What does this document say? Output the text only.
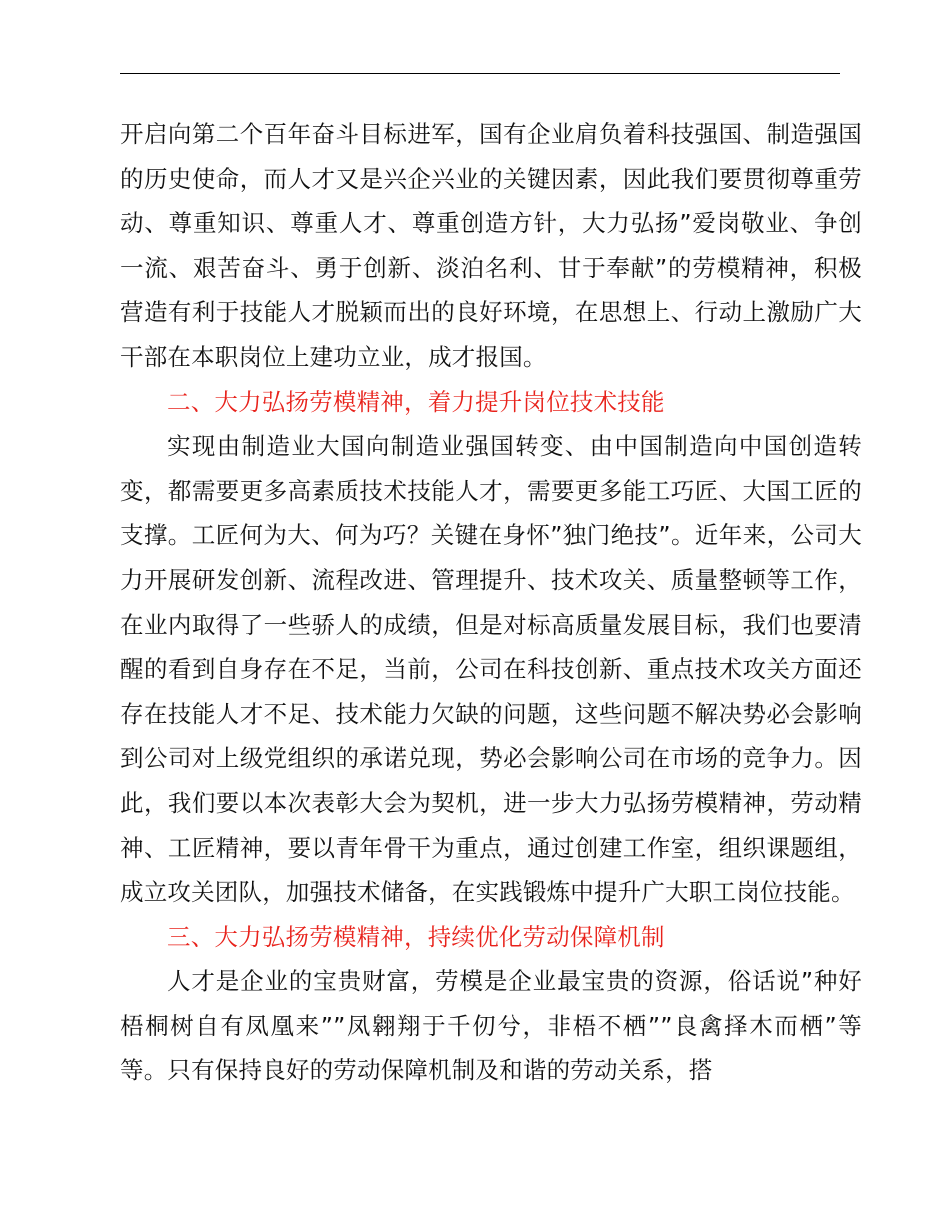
开启向第二个百年奋斗目标进军，国有企业肩负着科技强国、制造强国的历史使命，而人才又是兴企兴业的关键因素，因此我们要贯彻尊重劳动、尊重知识、尊重人才、尊重创造方针，大力弘扬”爱岗敬业、争创一流、艰苦奋斗、勇于创新、淡泊名利、甘于奉献”的劳模精神，积极营造有利于技能人才脱颖而出的良好环境，在思想上、行动上激励广大干部在本职岗位上建功立业，成才报国。

二、大力弘扬劳模精神，着力提升岗位技术技能

实现由制造业大国向制造业强国转变、由中国制造向中国创造转变，都需要更多高素质技术技能人才，需要更多能工巧匠、大国工匠的支撑。工匠何为大、何为巧？关键在身怀”独门绝技”。近年来，公司大力开展研发创新、流程改进、管理提升、技术攻关、质量整顿等工作，在业内取得了一些骄人的成绩，但是对标高质量发展目标，我们也要清醒的看到自身存在不足，当前，公司在科技创新、重点技术攻关方面还存在技能人才不足、技术能力欠缺的问题，这些问题不解决势必会影响到公司对上级党组织的承诺兑现，势必会影响公司在市场的竞争力。因此，我们要以本次表彰大会为契机，进一步大力弘扬劳模精神，劳动精神、工匠精神，要以青年骨干为重点，通过创建工作室，组织课题组，成立攻关团队，加强技术储备，在实践锻炼中提升广大职工岗位技能。

三、大力弘扬劳模精神，持续优化劳动保障机制

人才是企业的宝贵财富，劳模是企业最宝贵的资源，俗话说”种好梧桐树自有凤凰来””凤翱翔于千仞兮，非梧不栖””良禽择木而栖”等等。只有保持良好的劳动保障机制及和谐的劳动关系，搭
